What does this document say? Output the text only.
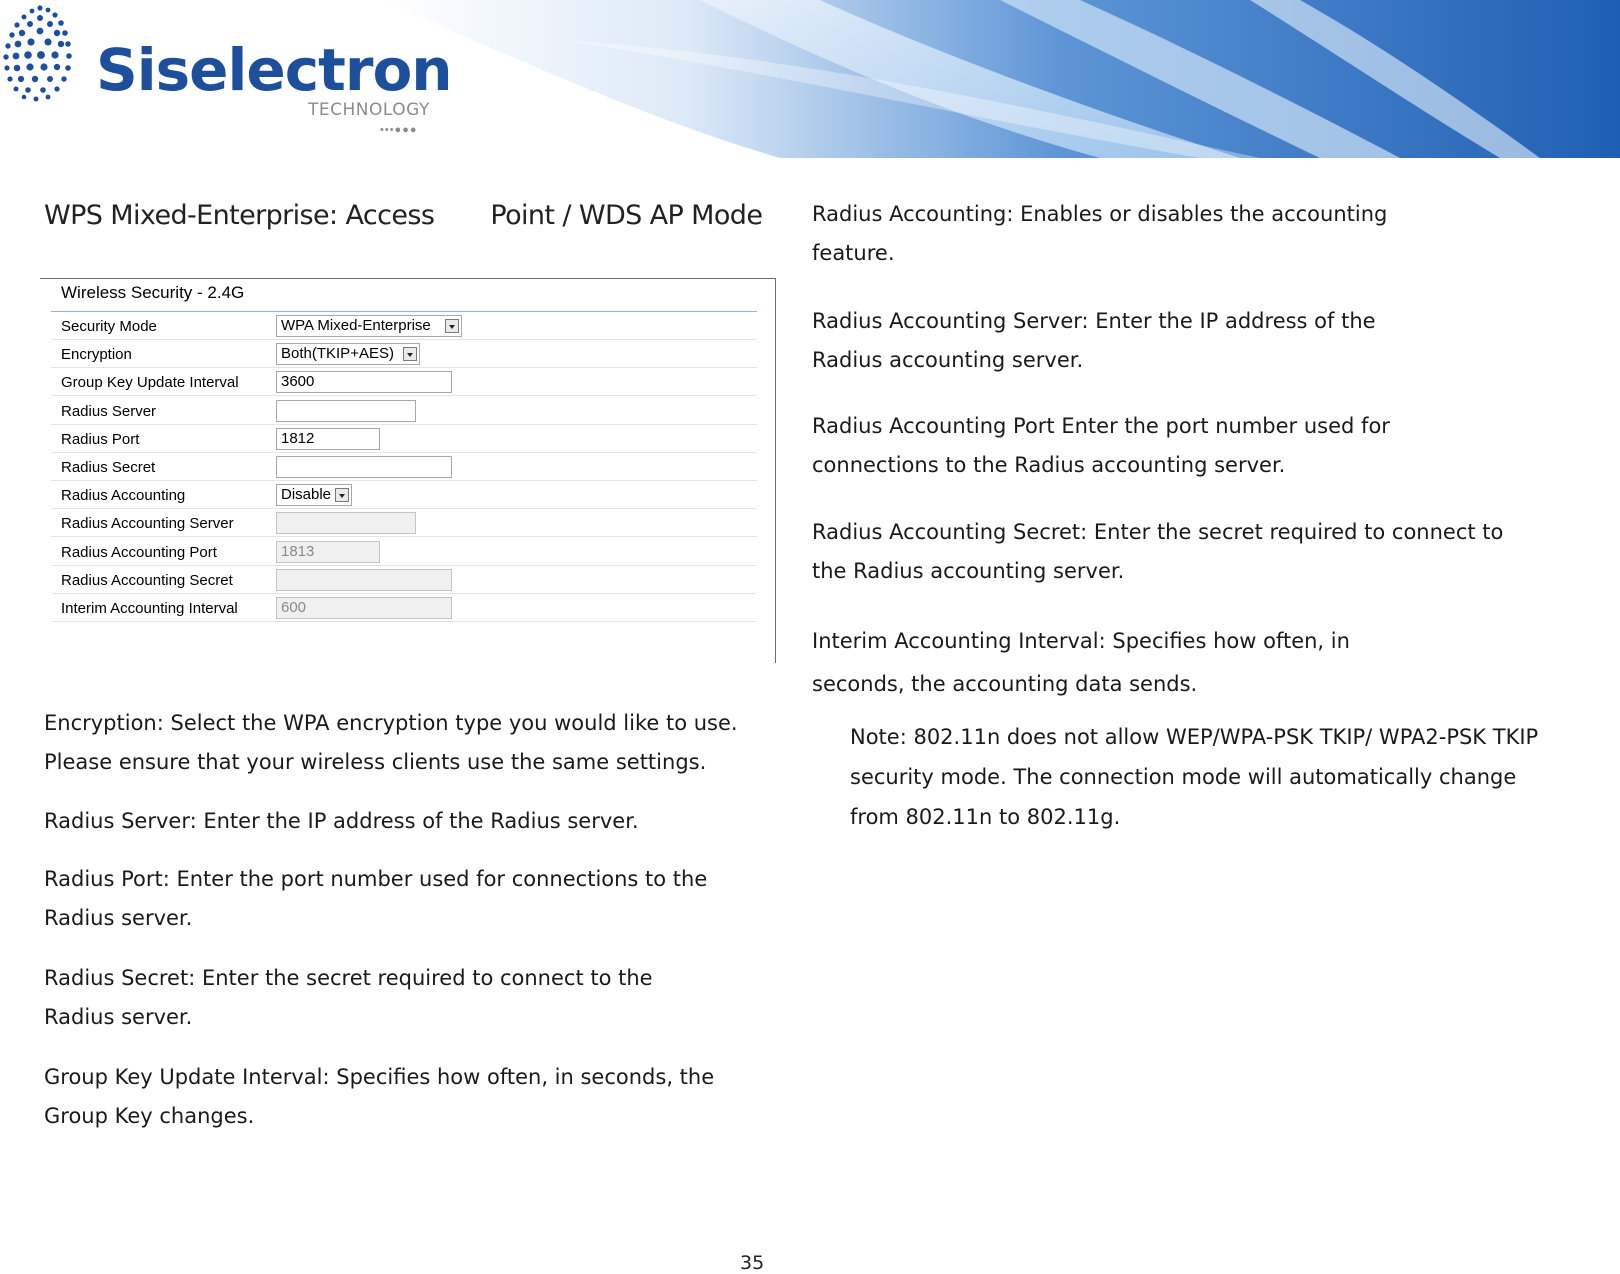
Siselectron
TECHNOLOGY
•••●●●
WPS Mixed-Enterprise: Access Point / WDS AP Mode
Wireless Security - 2.4G
Security Mode	WPA Mixed-Enterprise
Encryption	Both(TKIP+AES)
Group Key Update Interval	3600
Radius Server
Radius Port	1812
Radius Secret
Radius Accounting	Disable
Radius Accounting Server
Radius Accounting Port	1813
Radius Accounting Secret
Interim Accounting Interval	600
Encryption: Select the WPA encryption type you would like to use. Please ensure that your wireless clients use the same settings.
Radius Server: Enter the IP address of the Radius server.
Radius Port: Enter the port number used for connections to the Radius server.
Radius Secret: Enter the secret required to connect to the Radius server.
Group Key Update Interval: Specifies how often, in seconds, the Group Key changes.
Radius Accounting: Enables or disables the accounting feature.
Radius Accounting Server: Enter the IP address of the Radius accounting server.
Radius Accounting Port Enter the port number used for connections to the Radius accounting server.
Radius Accounting Secret: Enter the secret required to connect to the Radius accounting server.
Interim Accounting Interval: Specifies how often, in seconds, the accounting data sends.
Note: 802.11n does not allow WEP/WPA-PSK TKIP/ WPA2-PSK TKIP security mode. The connection mode will automatically change from 802.11n to 802.11g.
35
